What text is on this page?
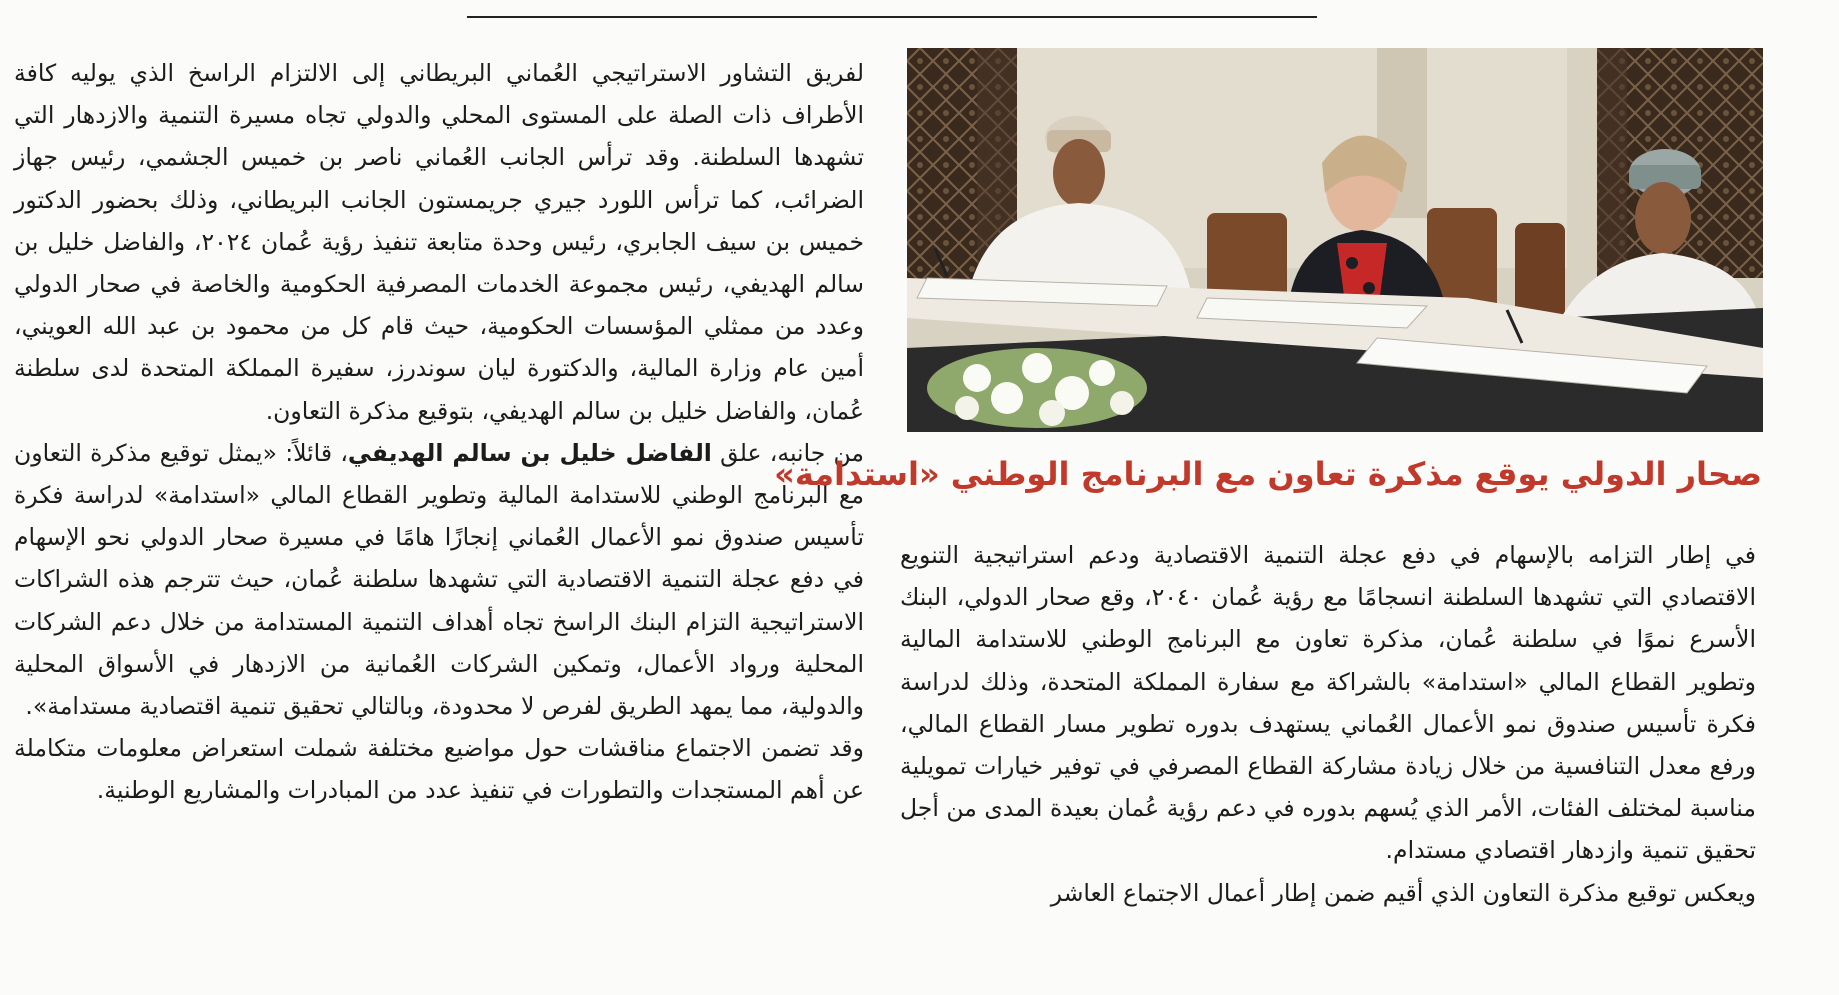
لفريق التشاور الاستراتيجي العُماني البريطاني إلى الالتزام الراسخ الذي يوليه كافة الأطراف ذات الصلة على المستوى المحلي والدولي تجاه مسيرة التنمية والازدهار التي تشهدها السلطنة. وقد ترأس الجانب العُماني ناصر بن خميس الجشمي، رئيس جهاز الضرائب، كما ترأس اللورد جيري جريمستون الجانب البريطاني، وذلك بحضور الدكتور خميس بن سيف الجابري، رئيس وحدة متابعة تنفيذ رؤية عُمان ٢٠٢٤، والفاضل خليل بن سالم الهديفي، رئيس مجموعة الخدمات المصرفية الحكومية والخاصة في صحار الدولي وعدد من ممثلي المؤسسات الحكومية، حيث قام كل من محمود بن عبد الله العويني، أمين عام وزارة المالية، والدكتورة ليان سوندرز، سفيرة المملكة المتحدة لدى سلطنة عُمان، والفاضل خليل بن سالم الهديفي، بتوقيع مذكرة التعاون.

من جانبه، علق الفاضل خليل بن سالم الهديفي، قائلاً: «يمثل توقيع مذكرة التعاون مع البرنامج الوطني للاستدامة المالية وتطوير القطاع المالي «استدامة» لدراسة فكرة تأسيس صندوق نمو الأعمال العُماني إنجازًا هامًا في مسيرة صحار الدولي نحو الإسهام في دفع عجلة التنمية الاقتصادية التي تشهدها سلطنة عُمان، حيث تترجم هذه الشراكات الاستراتيجية التزام البنك الراسخ تجاه أهداف التنمية المستدامة من خلال دعم الشركات المحلية ورواد الأعمال، وتمكين الشركات العُمانية من الازدهار في الأسواق المحلية والدولية، مما يمهد الطريق لفرص لا محدودة، وبالتالي تحقيق تنمية اقتصادية مستدامة».

وقد تضمن الاجتماع مناقشات حول مواضيع مختلفة شملت استعراض معلومات متكاملة عن أهم المستجدات والتطورات في تنفيذ عدد من المبادرات والمشاريع الوطنية.

صحار الدولي يوقع مذكرة تعاون مع البرنامج الوطني «استدامة»

في إطار التزامه بالإسهام في دفع عجلة التنمية الاقتصادية ودعم استراتيجية التنويع الاقتصادي التي تشهدها السلطنة انسجامًا مع رؤية عُمان ٢٠٤٠، وقع صحار الدولي، البنك الأسرع نموًا في سلطنة عُمان، مذكرة تعاون مع البرنامج الوطني للاستدامة المالية وتطوير القطاع المالي «استدامة» بالشراكة مع سفارة المملكة المتحدة، وذلك لدراسة فكرة تأسيس صندوق نمو الأعمال العُماني يستهدف بدوره تطوير مسار القطاع المالي، ورفع معدل التنافسية من خلال زيادة مشاركة القطاع المصرفي في توفير خيارات تمويلية مناسبة لمختلف الفئات، الأمر الذي يُسهم بدوره في دعم رؤية عُمان بعيدة المدى من أجل تحقيق تنمية وازدهار اقتصادي مستدام.

ويعكس توقيع مذكرة التعاون الذي أقيم ضمن إطار أعمال الاجتماع العاشر
